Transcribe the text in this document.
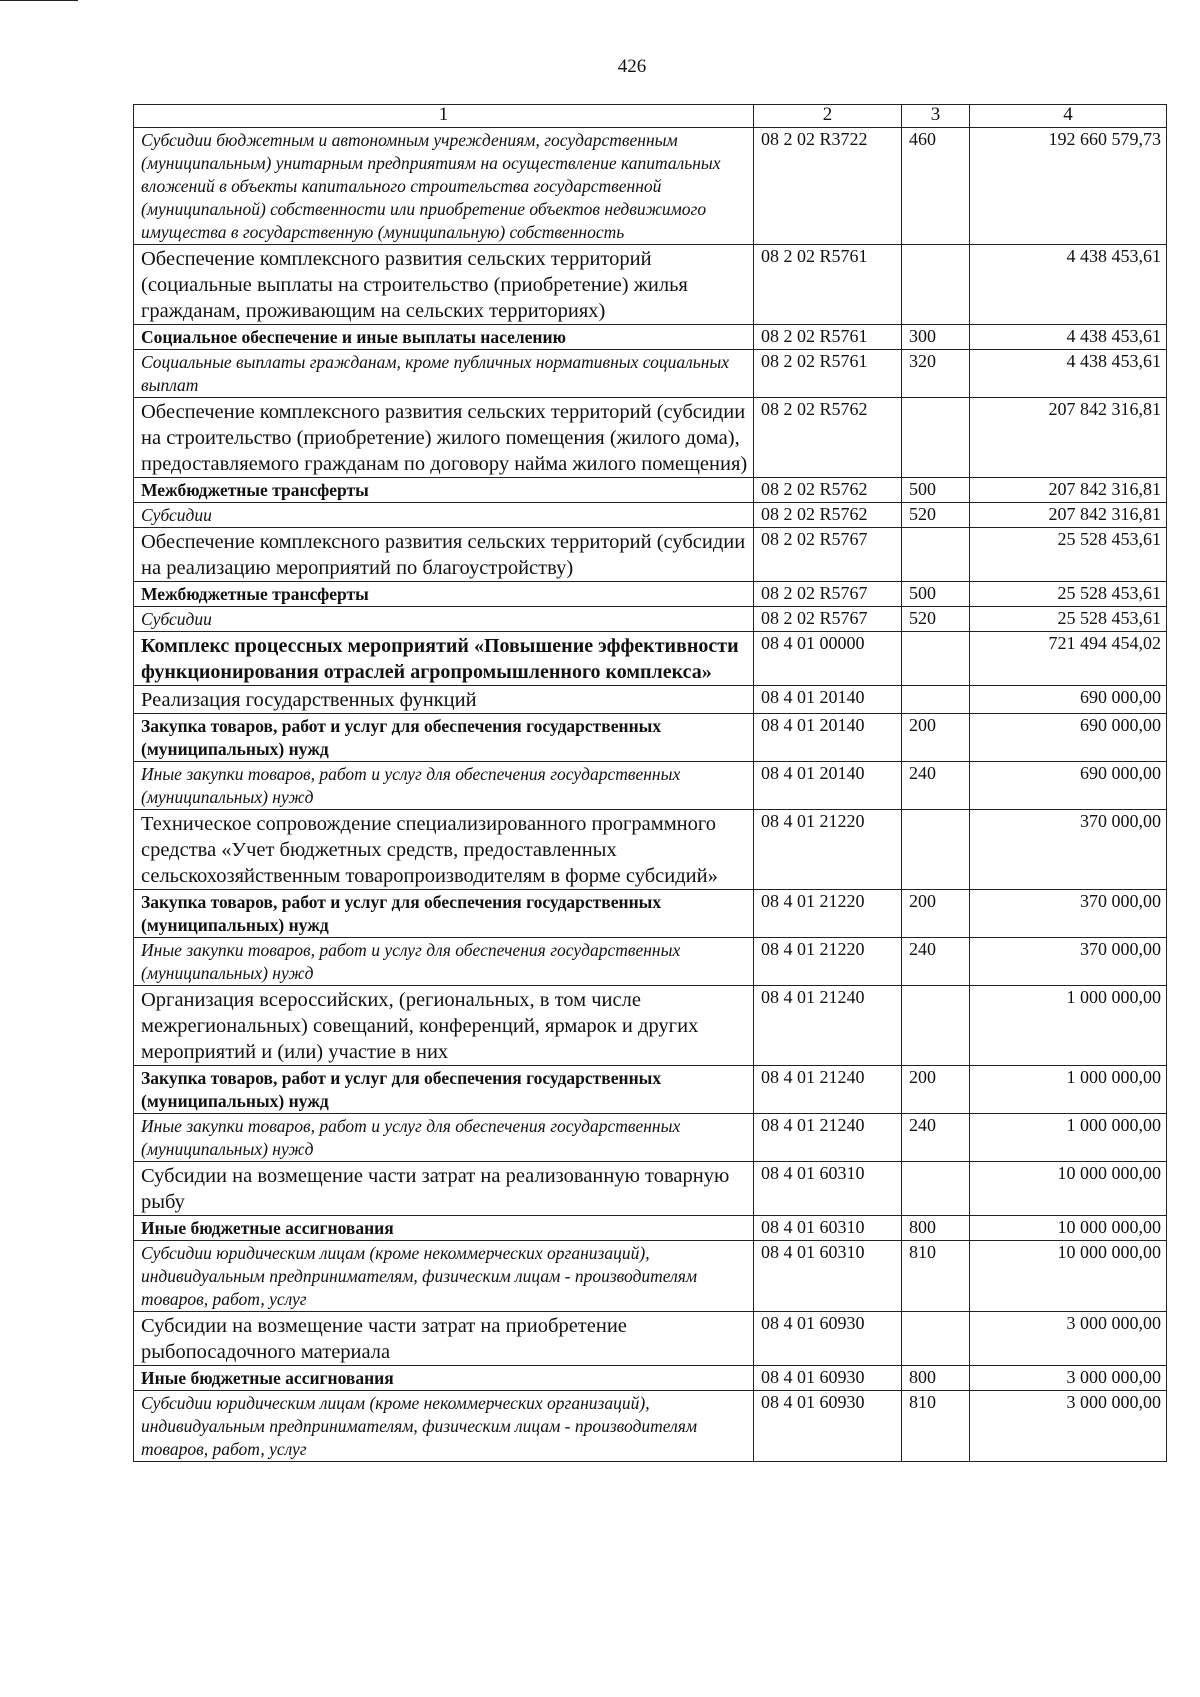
426
1	2	3	4
Субсидии бюджетным и автономным учреждениям, государственным (муниципальным) унитарным предприятиям на осуществление капитальных вложений в объекты капитального строительства государственной (муниципальной) собственности или приобретение объектов недвижимого имущества в государственную (муниципальную) собственность	08 2 02 R3722	460	192 660 579,73
Обеспечение комплексного развития сельских территорий (социальные выплаты на строительство (приобретение) жилья гражданам, проживающим на сельских территориях)	08 2 02 R5761		4 438 453,61
Социальное обеспечение и иные выплаты населению	08 2 02 R5761	300	4 438 453,61
Социальные выплаты гражданам, кроме публичных нормативных социальных выплат	08 2 02 R5761	320	4 438 453,61
Обеспечение комплексного развития сельских территорий (субсидии на строительство (приобретение) жилого помещения (жилого дома), предоставляемого гражданам по договору найма жилого помещения)	08 2 02 R5762		207 842 316,81
Межбюджетные трансферты	08 2 02 R5762	500	207 842 316,81
Субсидии	08 2 02 R5762	520	207 842 316,81
Обеспечение комплексного развития сельских территорий (субсидии на реализацию мероприятий по благоустройству)	08 2 02 R5767		25 528 453,61
Межбюджетные трансферты	08 2 02 R5767	500	25 528 453,61
Субсидии	08 2 02 R5767	520	25 528 453,61
Комплекс процессных мероприятий «Повышение эффективности функционирования отраслей агропромышленного комплекса»	08 4 01 00000		721 494 454,02
Реализация государственных функций	08 4 01 20140		690 000,00
Закупка товаров, работ и услуг для обеспечения государственных (муниципальных) нужд	08 4 01 20140	200	690 000,00
Иные закупки товаров, работ и услуг для обеспечения государственных (муниципальных) нужд	08 4 01 20140	240	690 000,00
Техническое сопровождение специализированного программного средства «Учет бюджетных средств, предоставленных сельскохозяйственным товаропроизводителям в форме субсидий»	08 4 01 21220		370 000,00
Закупка товаров, работ и услуг для обеспечения государственных (муниципальных) нужд	08 4 01 21220	200	370 000,00
Иные закупки товаров, работ и услуг для обеспечения государственных (муниципальных) нужд	08 4 01 21220	240	370 000,00
Организация всероссийских, (региональных, в том числе межрегиональных) совещаний, конференций, ярмарок и других мероприятий и (или) участие в них	08 4 01 21240		1 000 000,00
Закупка товаров, работ и услуг для обеспечения государственных (муниципальных) нужд	08 4 01 21240	200	1 000 000,00
Иные закупки товаров, работ и услуг для обеспечения государственных (муниципальных) нужд	08 4 01 21240	240	1 000 000,00
Субсидии на возмещение части затрат на реализованную товарную рыбу	08 4 01 60310		10 000 000,00
Иные бюджетные ассигнования	08 4 01 60310	800	10 000 000,00
Субсидии юридическим лицам (кроме некоммерческих организаций), индивидуальным предпринимателям, физическим лицам - производителям товаров, работ, услуг	08 4 01 60310	810	10 000 000,00
Субсидии на возмещение части затрат на приобретение рыбопосадочного материала	08 4 01 60930		3 000 000,00
Иные бюджетные ассигнования	08 4 01 60930	800	3 000 000,00
Субсидии юридическим лицам (кроме некоммерческих организаций), индивидуальным предпринимателям, физическим лицам - производителям товаров, работ, услуг	08 4 01 60930	810	3 000 000,00
